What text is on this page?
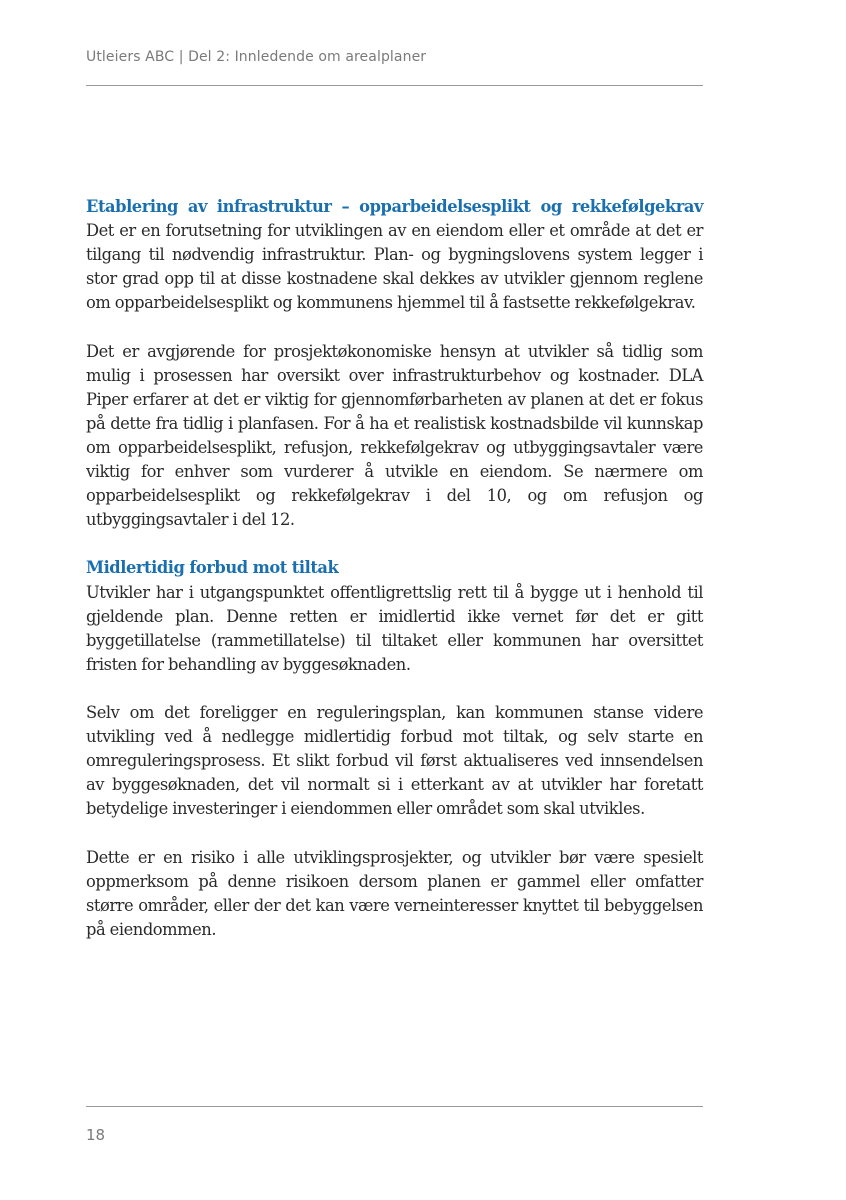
Utleiers ABC | Del 2: Innledende om arealplaner
Etablering av infrastruktur – opparbeidelsesplikt og rekkefølgekrav

Det er en forutsetning for utviklingen av en eiendom eller et område at det er tilgang til nødvendig infrastruktur. Plan- og bygningslovens system legger i stor grad opp til at disse kostnadene skal dekkes av utvikler gjennom reglene om opparbeidelsesplikt og kommunens hjemmel til å fastsette rekkefølgekrav.

Det er avgjørende for prosjektøkonomiske hensyn at utvikler så tidlig som mulig i prosessen har oversikt over infrastrukturbehov og kostnader. DLA Piper erfarer at det er viktig for gjennomførbarheten av planen at det er fokus på dette fra tidlig i planfasen. For å ha et realistisk kostnadsbilde vil kunnskap om opparbeidelsesplikt, refusjon, rekkefølgekrav og utbyggingsavtaler være viktig for enhver som vurderer å utvikle en eiendom. Se nærmere om opparbeidelsesplikt og rekkefølgekrav i del 10, og om refusjon og utbyggingsavtaler i del 12.

Midlertidig forbud mot tiltak

Utvikler har i utgangspunktet offentligrettslig rett til å bygge ut i henhold til gjeldende plan. Denne retten er imidlertid ikke vernet før det er gitt byggetillatelse (rammetillatelse) til tiltaket eller kommunen har oversittet fristen for behandling av byggesøknaden.

Selv om det foreligger en reguleringsplan, kan kommunen stanse videre utvikling ved å nedlegge midlertidig forbud mot tiltak, og selv starte en omreguleringsprosess. Et slikt forbud vil først aktualiseres ved innsendelsen av byggesøknaden, det vil normalt si i etterkant av at utvikler har foretatt betydelige investeringer i eiendommen eller området som skal utvikles.

Dette er en risiko i alle utviklingsprosjekter, og utvikler bør være spesielt oppmerksom på denne risikoen dersom planen er gammel eller omfatter større områder, eller der det kan være verneinteresser knyttet til bebyggelsen på eiendommen.

18
